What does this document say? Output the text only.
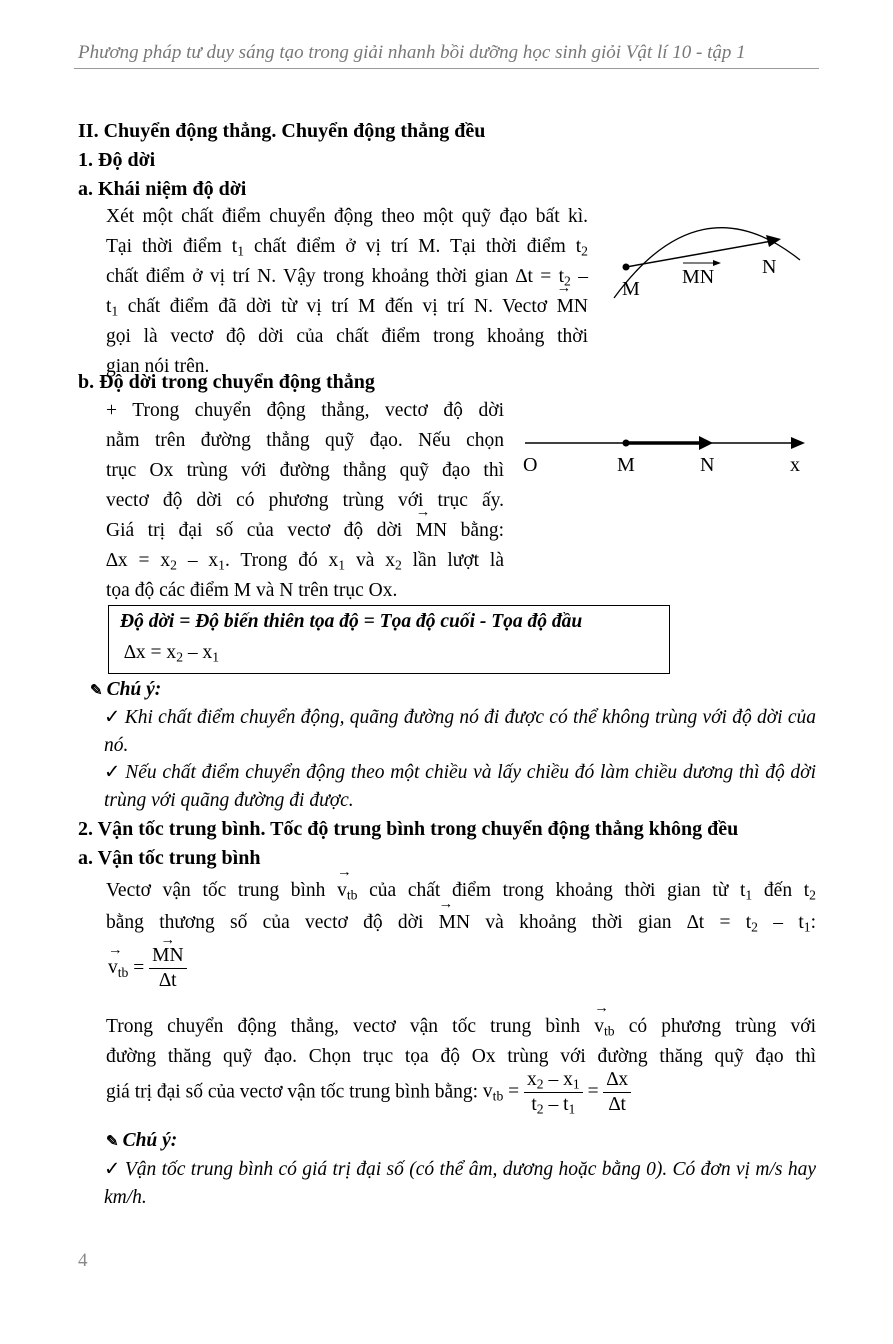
Phương pháp tư duy sáng tạo trong giải nhanh bồi dưỡng học sinh giỏi Vật lí 10 - tập 1
II. Chuyển động thẳng. Chuyển động thẳng đều
1. Độ dời
a. Khái niệm độ dời
Xét một chất điểm chuyển động theo một quỹ đạo bất kì.
Tại thời điểm $t_1$ chất điểm ở vị trí M. Tại thời điểm $t_2$
chất điểm ở vị trí N. Vậy trong khoảng thời gian $\Delta t = t_2$ –
$t_1$ chất điểm đã dời từ vị trí M đến vị trí N. Vectơ → MN
gọi là vectơ độ dời của chất điểm trong khoảng thời
gian nói trên.
M
N
MN
b. Độ dời trong chuyển động thẳng
+ Trong chuyển động thẳng, vectơ độ dời
nằm trên đường thẳng quỹ đạo. Nếu chọn
trục Ox trùng với đường thẳng quỹ đạo thì
vectơ độ dời có phương trùng với trục ấy.
Giá trị đại số của vectơ độ dời → MN bằng:
$\Delta x = x_2 - x_1$. Trong đó $x_1$ và $x_2$ lần lượt là
tọa độ các điểm M và N trên trục Ox.
O	M	N	x
Độ dời = Độ biến thiên tọa độ = Tọa độ cuối - Tọa độ đầu
$\Delta x = x_2 - x_1$
✎ Chú ý:
✓ Khi chất điểm chuyển động, quãng đường nó đi được có thể không trùng với độ dời của nó.
✓ Nếu chất điểm chuyển động theo một chiều và lấy chiều đó làm chiều dương thì độ dời trùng với quãng đường đi được.
2. Vận tốc trung bình. Tốc độ trung bình trong chuyển động thẳng không đều
a. Vận tốc trung bình
Vectơ vận tốc trung bình → $v_{tb}$ của chất điểm trong khoảng thời gian từ $t_1$ đến $t_2$
bằng thương số của vectơ độ dời → MN và khoảng thời gian $\Delta t = t_2 - t_1$:
→ $v_{tb}$ = → $\frac{MN}{\Delta t}$
Trong chuyển động thẳng, vectơ vận tốc trung bình → $v_{tb}$ có phương trùng với
đường thăng quỹ đạo. Chọn trục tọa độ Ox trùng với đường thăng quỹ đạo thì
giá trị đại số của vectơ vận tốc trung bình bằng: $v_{tb} = \frac{x_2 - x_1}{t_2 - t_1} = \frac{\Delta x}{\Delta t}$
✎ Chú ý:
✓ Vận tốc trung bình có giá trị đại số (có thể âm, dương hoặc bằng 0). Có đơn vị m/s hay km/h.
4
